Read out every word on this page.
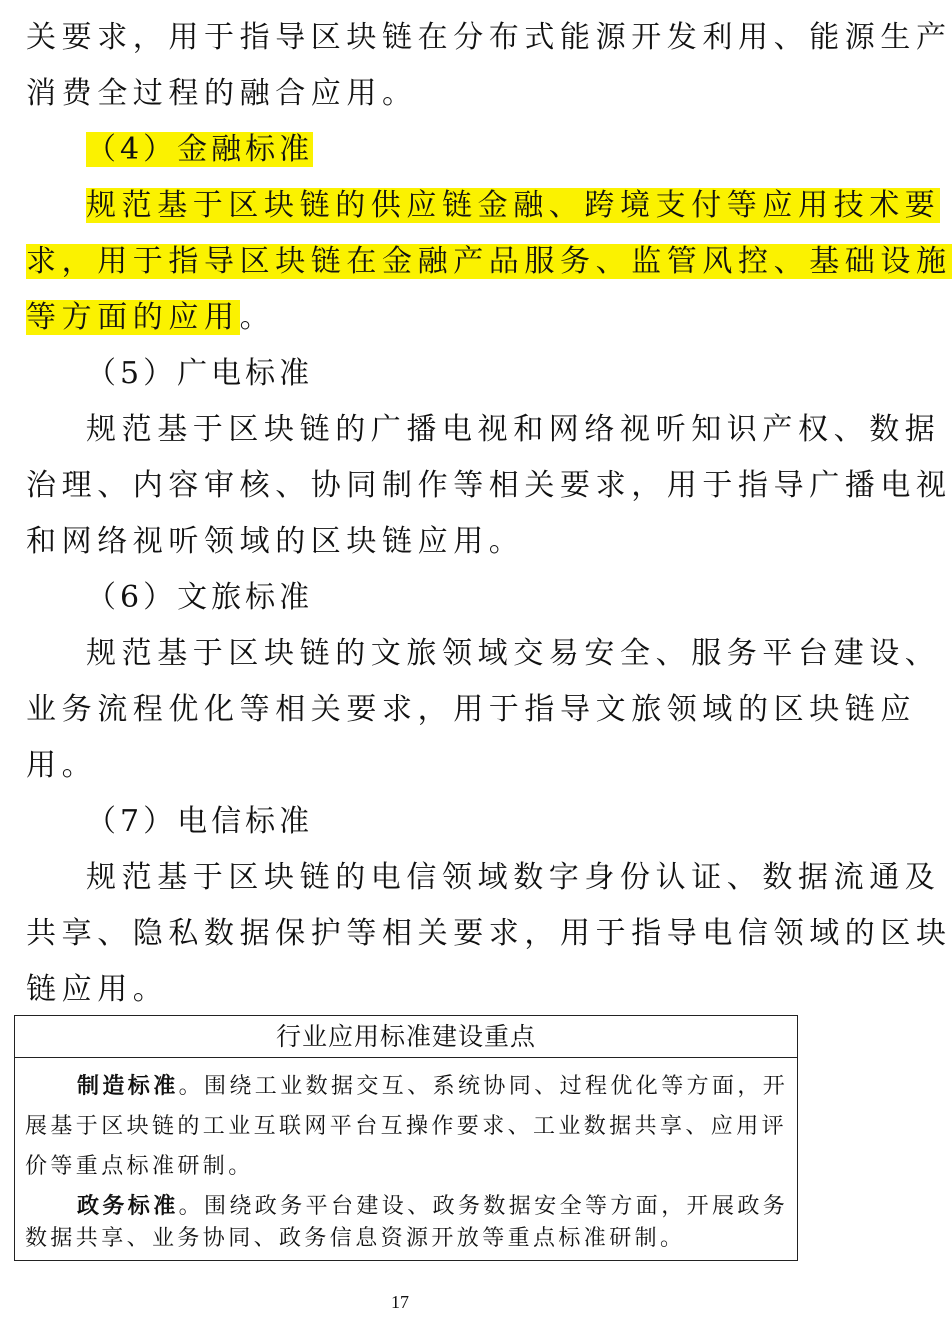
关要求，用于指导区块链在分布式能源开发利用、能源生产
消费全过程的融合应用。
（4）金融标准
规范基于区块链的供应链金融、跨境支付等应用技术要
求，用于指导区块链在金融产品服务、监管风控、基础设施
等方面的应用。
（5）广电标准
规范基于区块链的广播电视和网络视听知识产权、数据
治理、内容审核、协同制作等相关要求，用于指导广播电视
和网络视听领域的区块链应用。
（6）文旅标准
规范基于区块链的文旅领域交易安全、服务平台建设、
业务流程优化等相关要求，用于指导文旅领域的区块链应
用。
（7）电信标准
规范基于区块链的电信领域数字身份认证、数据流通及
共享、隐私数据保护等相关要求，用于指导电信领域的区块
链应用。
行业应用标准建设重点
制造标准。围绕工业数据交互、系统协同、过程优化等方面，开
展基于区块链的工业互联网平台互操作要求、工业数据共享、应用评
价等重点标准研制。
政务标准。围绕政务平台建设、政务数据安全等方面，开展政务
数据共享、业务协同、政务信息资源开放等重点标准研制。
17
